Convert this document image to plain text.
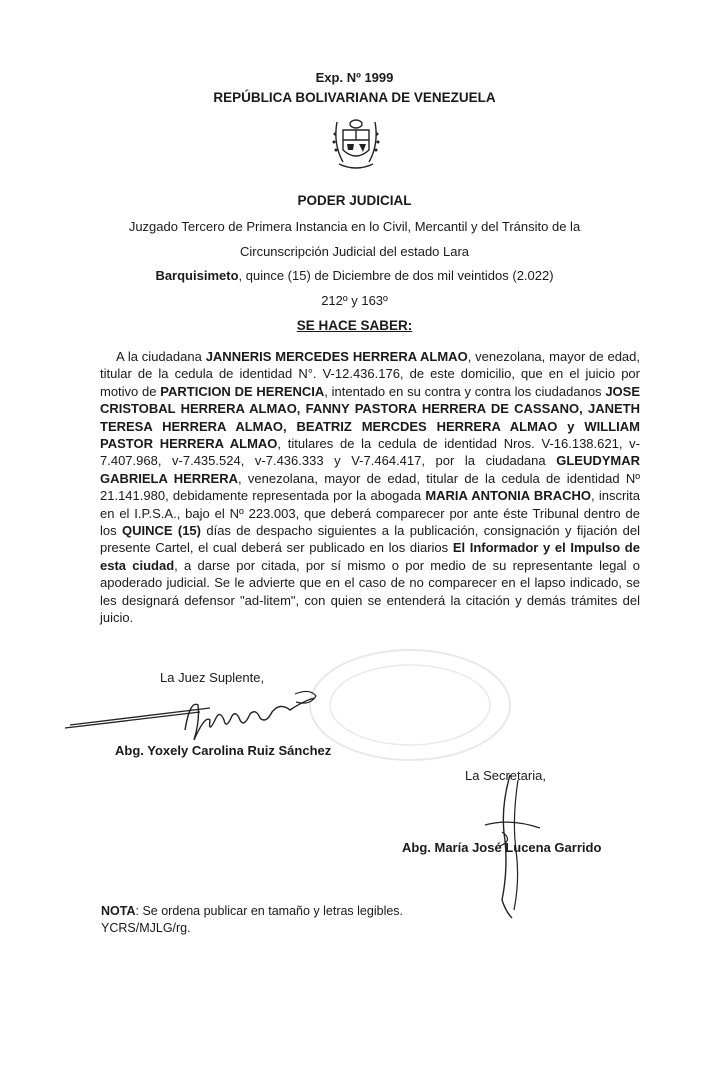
Exp. Nº 1999
REPÚBLICA BOLIVARIANA DE VENEZUELA
PODER JUDICIAL
Juzgado Tercero de Primera Instancia en lo Civil, Mercantil y del Tránsito de la
Circunscripción Judicial del estado Lara
Barquisimeto, quince (15) de Diciembre de dos mil veintidos (2.022)
212º y 163º
SE HACE SABER:
A la ciudadana JANNERIS MERCEDES HERRERA ALMAO, venezolana, mayor de edad, titular de la cedula de identidad N°. V-12.436.176, de este domicilio, que en el juicio por motivo de PARTICION DE HERENCIA, intentado en su contra y contra los ciudadanos JOSE CRISTOBAL HERRERA ALMAO, FANNY PASTORA HERRERA DE CASSANO, JANETH TERESA HERRERA ALMAO, BEATRIZ MERCDES HERRERA ALMAO y WILLIAM PASTOR HERRERA ALMAO, titulares de la cedula de identidad Nros. V-16.138.621, v-7.407.968, v-7.435.524, v-7.436.333 y V-7.464.417, por la ciudadana GLEUDYMAR GABRIELA HERRERA, venezolana, mayor de edad, titular de la cedula de identidad Nº 21.141.980, debidamente representada por la abogada MARIA ANTONIA BRACHO, inscrita en el I.P.S.A., bajo el Nº 223.003, que deberá comparecer por ante éste Tribunal dentro de los QUINCE (15) días de despacho siguientes a la publicación, consignación y fijación del presente Cartel, el cual deberá ser publicado en los diarios El Informador y el Impulso de esta ciudad, a darse por citada, por sí mismo o por medio de su representante legal o apoderado judicial. Se le advierte que en el caso de no comparecer en el lapso indicado, se les designará defensor "ad-litem", con quien se entenderá la citación y demás trámites del juicio.
La Juez Suplente,
Abg. Yoxely Carolina Ruiz Sánchez
La Secretaria,
Abg. María José Lucena Garrido
NOTA: Se ordena publicar en tamaño y letras legibles.
YCRS/MJLG/rg.
